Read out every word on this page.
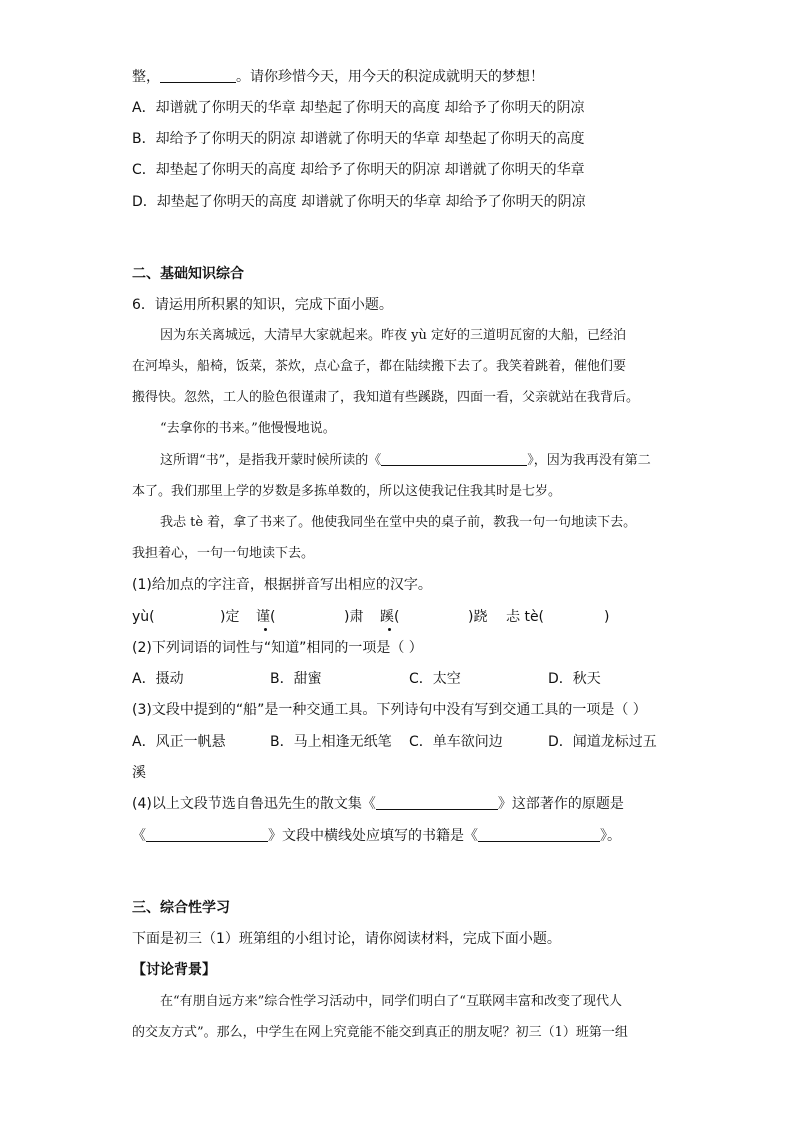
整，	。请你珍惜今天，用今天的积淀成就明天的梦想！
A．却谱就了你明天的华章 却垫起了你明天的高度 却给予了你明天的阴凉
B．却给予了你明天的阴凉 却谱就了你明天的华章 却垫起了你明天的高度
C．却垫起了你明天的高度 却给予了你明天的阴凉 却谱就了你明天的华章
D．却垫起了你明天的高度 却谱就了你明天的华章 却给予了你明天的阴凉
二、基础知识综合
6．请运用所积累的知识，完成下面小题。
因为东关离城远，大清早大家就起来。昨夜 yù 定好的三道明瓦窗的大船，已经泊
在河埠头，船椅，饭菜，茶炊，点心盒子，都在陆续搬下去了。我笑着跳着，催他们要
搬得快。忽然，工人的脸色很谨肃了，我知道有些蹊跷，四面一看，父亲就站在我背后。
“去拿你的书来。”他慢慢地说。
这所谓“书”，是指我开蒙时候所读的《	》，因为我再没有第二
本了。我们那里上学的岁数是多拣单数的，所以这使我记住我其时是七岁。
我忐 tè 着，拿了书来了。他使我同坐在堂中央的桌子前，教我一句一句地读下去。
我担着心，一句一句地读下去。
(1)给加点的字注音，根据拼音写出相应的汉字。
yù(	)定 谨(	)肃 蹊(	)跷 忐 tè(	)
(2)下列词语的词性与“知道”相同的一项是（ ）
A．摄动	B．甜蜜	C．太空	D．秋天
(3)文段中提到的“船”是一种交通工具。下列诗句中没有写到交通工具的一项是（ ）
A．风正一帆悬	B．马上相逢无纸笔 C．单车欲问边	D．闻道龙标过五
溪
(4)以上文段节选自鲁迅先生的散文集《	》这部著作的原题是
《	》文段中横线处应填写的书籍是《	》。
三、综合性学习
下面是初三（1）班第组的小组讨论，请你阅读材料，完成下面小题。
【讨论背景】
在“有朋自远方来”综合性学习活动中，同学们明白了“互联网丰富和改变了现代人
的交友方式”。那么，中学生在网上究竟能不能交到真正的朋友呢？初三（1）班第一组
